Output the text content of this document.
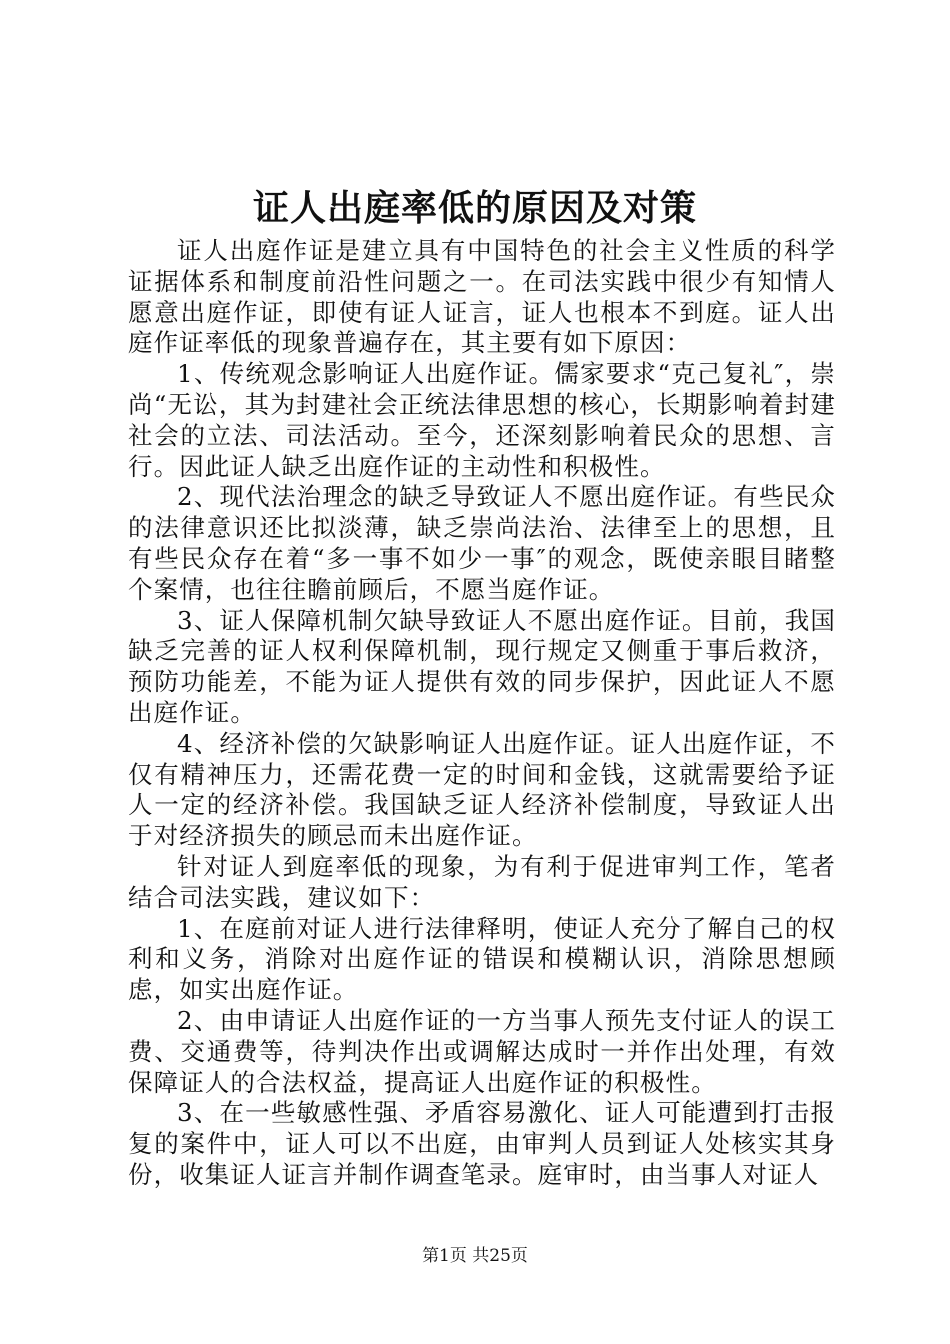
证人出庭率低的原因及对策

证人出庭作证是建立具有中国特色的社会主义性质的科学证据体系和制度前沿性问题之一。在司法实践中很少有知情人愿意出庭作证，即使有证人证言，证人也根本不到庭。证人出庭作证率低的现象普遍存在，其主要有如下原因：

1、传统观念影响证人出庭作证。儒家要求“克己复礼″，崇尚“无讼，其为封建社会正统法律思想的核心，长期影响着封建社会的立法、司法活动。至今，还深刻影响着民众的思想、言行。因此证人缺乏出庭作证的主动性和积极性。

2、现代法治理念的缺乏导致证人不愿出庭作证。有些民众的法律意识还比拟淡薄，缺乏崇尚法治、法律至上的思想，且有些民众存在着“多一事不如少一事″的观念，既使亲眼目睹整个案情，也往往瞻前顾后，不愿当庭作证。

3、证人保障机制欠缺导致证人不愿出庭作证。目前，我国缺乏完善的证人权利保障机制，现行规定又侧重于事后救济，预防功能差，不能为证人提供有效的同步保护，因此证人不愿出庭作证。

4、经济补偿的欠缺影响证人出庭作证。证人出庭作证，不仅有精神压力，还需花费一定的时间和金钱，这就需要给予证人一定的经济补偿。我国缺乏证人经济补偿制度，导致证人出于对经济损失的顾忌而未出庭作证。

针对证人到庭率低的现象，为有利于促进审判工作，笔者结合司法实践，建议如下：

1、在庭前对证人进行法律释明，使证人充分了解自己的权利和义务，消除对出庭作证的错误和模糊认识，消除思想顾虑，如实出庭作证。

2、由申请证人出庭作证的一方当事人预先支付证人的误工费、交通费等，待判决作出或调解达成时一并作出处理，有效保障证人的合法权益，提高证人出庭作证的积极性。

3、在一些敏感性强、矛盾容易激化、证人可能遭到打击报复的案件中，证人可以不出庭，由审判人员到证人处核实其身份，收集证人证言并制作调查笔录。庭审时，由当事人对证人

第1页 共25页
